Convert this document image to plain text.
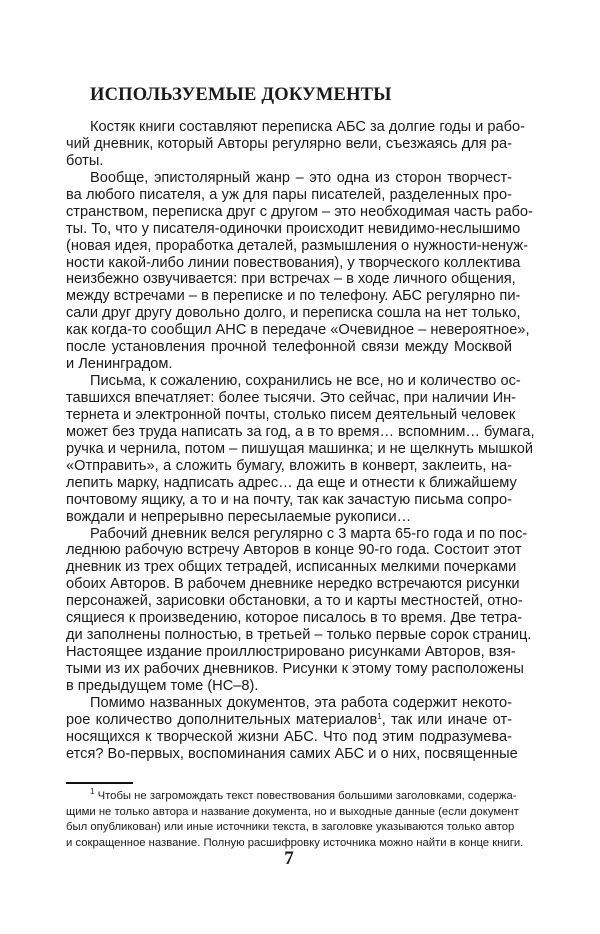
ИСПОЛЬЗУЕМЫЕ ДОКУМЕНТЫ
Костяк книги составляют переписка АБС за долгие годы и рабо-
чий дневник, который Авторы регулярно вели, съезжаясь для ра-
боты.
Вообще, эпистолярный жанр – это одна из сторон творчест-
ва любого писателя, а уж для пары писателей, разделенных про-
странством, переписка друг с другом – это необходимая часть рабо-
ты. То, что у писателя-одиночки происходит невидимо-неслышимо
(новая идея, проработка деталей, размышления о нужности-ненуж-
ности какой-либо линии повествования), у творческого коллектива
неизбежно озвучивается: при встречах – в ходе личного общения,
между встречами – в переписке и по телефону. АБС регулярно пи-
сали друг другу довольно долго, и переписка сошла на нет только,
как когда-то сообщил АНС в передаче «Очевидное – невероятное»,
после установления прочной телефонной связи между Москвой
и Ленинградом.
Письма, к сожалению, сохранились не все, но и количество ос-
тавшихся впечатляет: более тысячи. Это сейчас, при наличии Ин-
тернета и электронной почты, столько писем деятельный человек
может без труда написать за год, а в то время… вспомним… бумага,
ручка и чернила, потом – пишущая машинка; и не щелкнуть мышкой
«Отправить», а сложить бумагу, вложить в конверт, заклеить, на-
лепить марку, надписать адрес… да еще и отнести к ближайшему
почтовому ящику, а то и на почту, так как зачастую письма сопро-
вождали и непрерывно пересылаемые рукописи…
Рабочий дневник велся регулярно с 3 марта 65-го года и по пос-
леднюю рабочую встречу Авторов в конце 90-го года. Состоит этот
дневник из трех общих тетрадей, исписанных мелкими почерками
обоих Авторов. В рабочем дневнике нередко встречаются рисунки
персонажей, зарисовки обстановки, а то и карты местностей, отно-
сящиеся к произведению, которое писалось в то время. Две тетра-
ди заполнены полностью, в третьей – только первые сорок страниц.
Настоящее издание проиллюстрировано рисунками Авторов, взя-
тыми из их рабочих дневников. Рисунки к этому тому расположены
в предыдущем томе (НС–8).
Помимо названных документов, эта работа содержит некото-
рое количество дополнительных материалов$^1$, так или иначе от-
носящихся к творческой жизни АБС. Что под этим подразумева-
ется? Во-первых, воспоминания самих АБС и о них, посвященные
$^1$ Чтобы не загромождать текст повествования большими заголовками, содержа-
щими не только автора и название документа, но и выходные данные (если документ
был опубликован) или иные источники текста, в заголовке указываются только автор
и сокращенное название. Полную расшифровку источника можно найти в конце книги.
7
